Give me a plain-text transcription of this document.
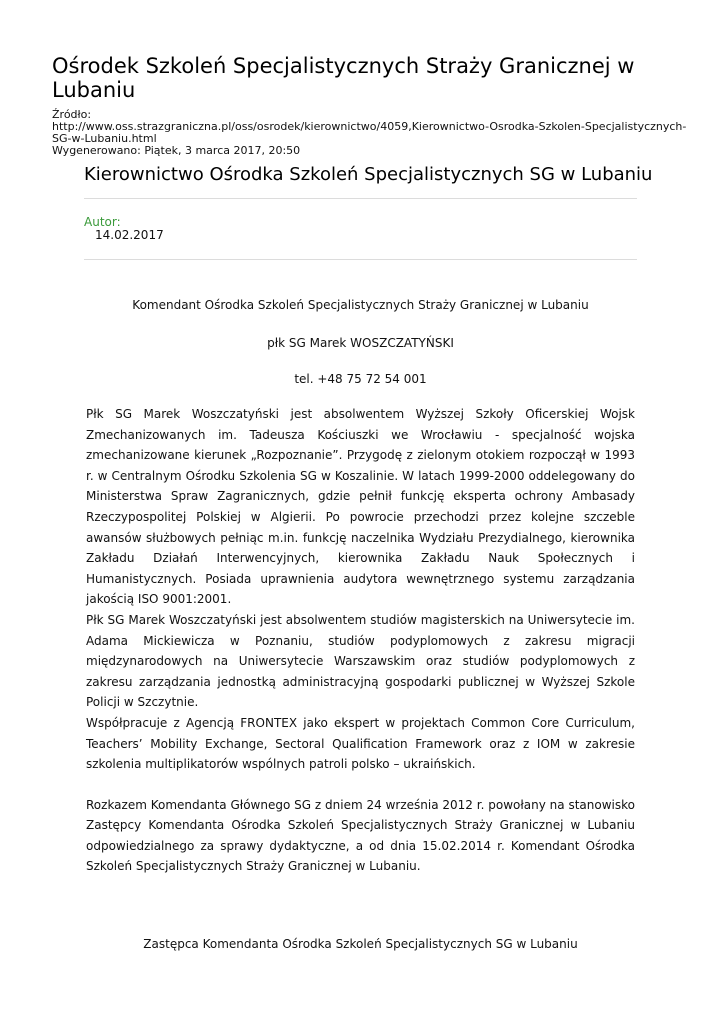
Ośrodek Szkoleń Specjalistycznych Straży Granicznej w Lubaniu
Źródło:
http://www.oss.strazgraniczna.pl/oss/osrodek/kierownictwo/4059,Kierownictwo-Osrodka-Szkolen-Specjalistycznych-SG-w-Lubaniu.html
Wygenerowano: Piątek, 3 marca 2017, 20:50
Kierownictwo Ośrodka Szkoleń Specjalistycznych SG w Lubaniu
Autor:
14.02.2017
Komendant Ośrodka Szkoleń Specjalistycznych Straży Granicznej w Lubaniu
płk SG Marek WOSZCZATYŃSKI
tel. +48 75 72 54 001

Płk SG Marek Woszczatyński jest absolwentem Wyższej Szkoły Oficerskiej Wojsk Zmechanizowanych im. Tadeusza Kościuszki we Wrocławiu - specjalność wojska zmechanizowane kierunek „Rozpoznanie”. Przygodę z zielonym otokiem rozpoczął w 1993 r. w Centralnym Ośrodku Szkolenia SG w Koszalinie. W latach 1999-2000 oddelegowany do Ministerstwa Spraw Zagranicznych, gdzie pełnił funkcję eksperta ochrony Ambasady Rzeczypospolitej Polskiej w Algierii. Po powrocie przechodzi przez kolejne szczeble awansów służbowych pełniąc m.in. funkcję naczelnika Wydziału Prezydialnego, kierownika Zakładu Działań Interwencyjnych, kierownika Zakładu Nauk Społecznych i Humanistycznych. Posiada uprawnienia audytora wewnętrznego systemu zarządzania jakością ISO 9001:2001.

Płk SG Marek Woszczatyński jest absolwentem studiów magisterskich na Uniwersytecie im. Adama Mickiewicza w Poznaniu, studiów podyplomowych z zakresu migracji międzynarodowych na Uniwersytecie Warszawskim oraz studiów podyplomowych z zakresu zarządzania jednostką administracyjną gospodarki publicznej w Wyższej Szkole Policji w Szczytnie.

Współpracuje z Agencją FRONTEX jako ekspert w projektach Common Core Curriculum, Teachers’ Mobility Exchange, Sectoral Qualification Framework oraz z IOM w zakresie szkolenia multiplikatorów wspólnych patroli polsko – ukraińskich.

Rozkazem Komendanta Głównego SG z dniem 24 września 2012 r. powołany na stanowisko Zastępcy Komendanta Ośrodka Szkoleń Specjalistycznych Straży Granicznej w Lubaniu odpowiedzialnego za sprawy dydaktyczne, a od dnia 15.02.2014 r. Komendant Ośrodka Szkoleń Specjalistycznych Straży Granicznej w Lubaniu.

Zastępca Komendanta Ośrodka Szkoleń Specjalistycznych SG w Lubaniu
